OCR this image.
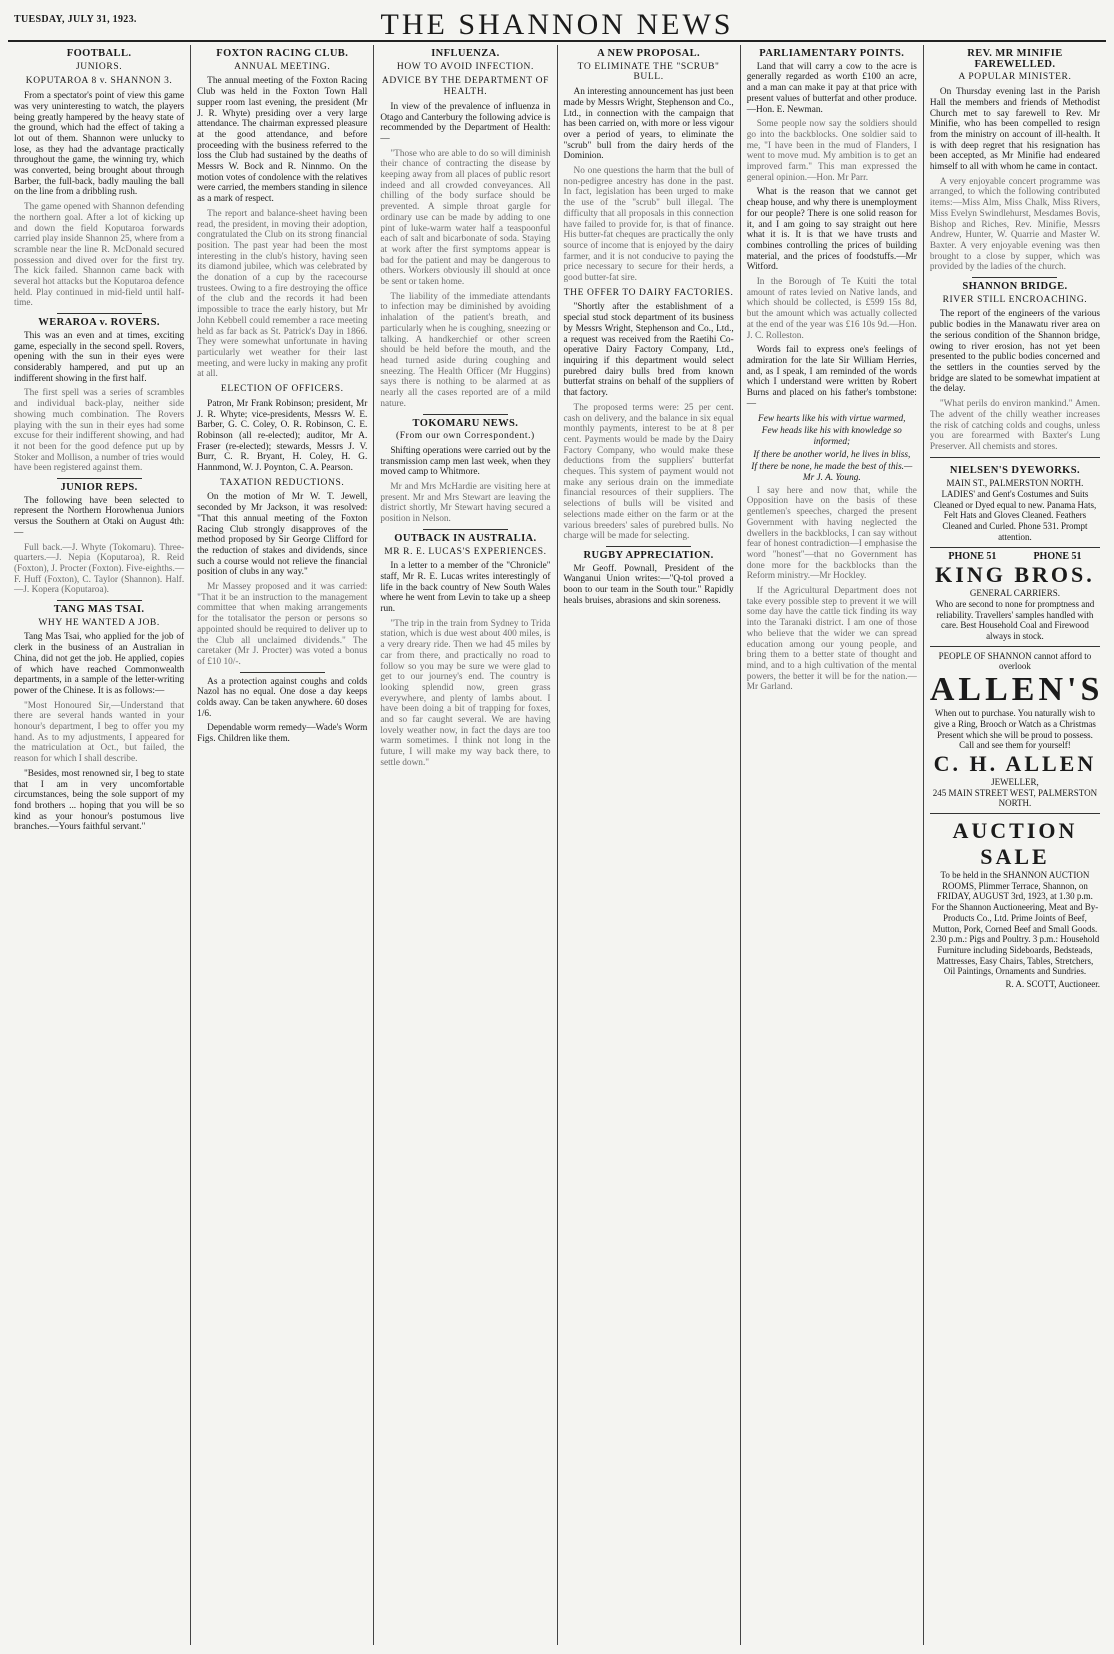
TUESDAY, JULY 31, 1923.	THE SHANNON NEWS
FOOTBALL.
JUNIORS.
KOPUTAROA 8 v. SHANNON 3.

From a spectator's point of view this game was very uninteresting to watch, the players being greatly hampered by the heavy state of the ground, which had the effect of taking a lot out of them. Shannon were unlucky to lose, as they had the advantage practically throughout the game, the winning try, which was converted, being brought about through Barber, the full-back, badly mauling the ball on the line from a dribbling rush.

The game opened with Shannon defending the northern goal. After a lot of kicking up and down the field Koputaroa forwards carried play inside Shannon 25, where from a scramble near the line R. McDonald secured possession and dived over for the first try. The kick failed. Shannon came back with several hot attacks but the Koputaroa defence held. Play continued in mid-field until half-time.

WERAROA v. ROVERS.

This was an even and at times, exciting game, especially in the second spell. Rovers, opening with the sun in their eyes were considerably hampered, and put up an indifferent showing in the first half.

The first spell was a series of scrambles and individual back-play, neither side showing much combination. The Rovers playing with the sun in their eyes had some excuse for their indifferent showing, and had it not been for the good defence put up by Stoker and Mollison, a number of tries would have been registered against them.

JUNIOR REPS.

The following have been selected to represent the Northern Horowhenua Juniors versus the Southern at Otaki on August 4th:—

Full back.—J. Whyte (Tokomaru). Three-quarters.—J. Nepia (Koputaroa), R. Reid (Foxton), J. Procter (Foxton). Five-eighths.—F. Huff (Foxton), C. Taylor (Shannon). Half.—J. Kopera (Koputaroa).

TANG MAS TSAI.
WHY HE WANTED A JOB.

Tang Mas Tsai, who applied for the job of clerk in the business of an Australian in China, did not get the job. He applied, copies of which have reached Commonwealth departments, in a sample of the letter-writing power of the Chinese. It is as follows:—

"Most Honoured Sir,—Understand that there are several hands wanted in your honour's department, I beg to offer you my hand. As to my adjustments, I appeared for the matriculation at Oct., but failed, the reason for which I shall describe.

"Besides, most renowned sir, I beg to state that I am in very uncomfortable circumstances, being the sole support of my fond brothers ... hoping that you will be so kind as your honour's postumous live branches.—Yours faithful servant."

FOXTON RACING CLUB.
ANNUAL MEETING.

The annual meeting of the Foxton Racing Club was held in the Foxton Town Hall supper room last evening, the president (Mr J. R. Whyte) presiding over a very large attendance. The chairman expressed pleasure at the good attendance, and before proceeding with the business referred to the loss the Club had sustained by the deaths of Messrs W. Bock and R. Ninnmo. On the motion votes of condolence with the relatives were carried, the members standing in silence as a mark of respect.

The report and balance-sheet having been read, the president, in moving their adoption, congratulated the Club on its strong financial position. The past year had been the most interesting in the club's history, having seen its diamond jubilee, which was celebrated by the donation of a cup by the racecourse trustees. Owing to a fire destroying the office of the club and the records it had been impossible to trace the early history, but Mr John Kebbell could remember a race meeting held as far back as St. Patrick's Day in 1866. They were somewhat unfortunate in having particularly wet weather for their last meeting, and were lucky in making any profit at all.

ELECTION OF OFFICERS.

Patron, Mr Frank Robinson; president, Mr J. R. Whyte; vice-presidents, Messrs W. E. Barber, G. C. Coley, O. R. Robinson, C. E. Robinson (all re-elected); auditor, Mr A. Fraser (re-elected); stewards, Messrs J. V. Burr, C. R. Bryant, H. Coley, H. G. Hannmond, W. J. Poynton, C. A. Pearson.

TAXATION REDUCTIONS.

On the motion of Mr W. T. Jewell, seconded by Mr Jackson, it was resolved: "That this annual meeting of the Foxton Racing Club strongly disapproves of the method proposed by Sir George Clifford for the reduction of stakes and dividends, since such a course would not relieve the financial position of clubs in any way."

Mr Massey proposed and it was carried: "That it be an instruction to the management committee that when making arrangements for the totalisator the person or persons so appointed should be required to deliver up to the Club all unclaimed dividends." The caretaker (Mr J. Procter) was voted a bonus of £10 10/-.

As a protection against coughs and colds Nazol has no equal. One dose a day keeps colds away. Can be taken anywhere. 60 doses 1/6.

Dependable worm remedy—Wade's Worm Figs. Children like them.

INFLUENZA.
HOW TO AVOID INFECTION.
ADVICE BY THE DEPARTMENT OF HEALTH.

In view of the prevalence of influenza in Otago and Canterbury the following advice is recommended by the Department of Health:—

"Those who are able to do so will diminish their chance of contracting the disease by keeping away from all places of public resort indeed and all crowded conveyances. All chilling of the body surface should be prevented. A simple throat gargle for ordinary use can be made by adding to one pint of luke-warm water half a teaspoonful each of salt and bicarbonate of soda. Staying at work after the first symptoms appear is bad for the patient and may be dangerous to others. Workers obviously ill should at once be sent or taken home.

The liability of the immediate attendants to infection may be diminished by avoiding inhalation of the patient's breath, and particularly when he is coughing, sneezing or talking. A handkerchief or other screen should be held before the mouth, and the head turned aside during coughing and sneezing. The Health Officer (Mr Huggins) says there is nothing to be alarmed at as nearly all the cases reported are of a mild nature.

TOKOMARU NEWS.
(From our own Correspondent.)

Shifting operations were carried out by the transmission camp men last week, when they moved camp to Whitmore.

Mr and Mrs McHardie are visiting here at present. Mr and Mrs Stewart are leaving the district shortly, Mr Stewart having secured a position in Nelson.

OUTBACK IN AUSTRALIA.
MR R. E. LUCAS'S EXPERIENCES.

In a letter to a member of the "Chronicle" staff, Mr R. E. Lucas writes interestingly of life in the back country of New South Wales where he went from Levin to take up a sheep run.

"The trip in the train from Sydney to Trida station, which is due west about 400 miles, is a very dreary ride. Then we had 45 miles by car from there, and practically no road to follow so you may be sure we were glad to get to our journey's end. The country is looking splendid now, green grass everywhere, and plenty of lambs about. I have been doing a bit of trapping for foxes, and so far caught several. We are having lovely weather now, in fact the days are too warm sometimes. I think not long in the future, I will make my way back there, to settle down."

A NEW PROPOSAL.
TO ELIMINATE THE "SCRUB" BULL.

An interesting announcement has just been made by Messrs Wright, Stephenson and Co., Ltd., in connection with the campaign that has been carried on, with more or less vigour over a period of years, to eliminate the "scrub" bull from the dairy herds of the Dominion.

No one questions the harm that the bull of non-pedigree ancestry has done in the past. In fact, legislation has been urged to make the use of the "scrub" bull illegal. The difficulty that all proposals in this connection have failed to provide for, is that of finance. His butter-fat cheques are practically the only source of income that is enjoyed by the dairy farmer, and it is not conducive to paying the price necessary to secure for their herds, a good butter-fat sire.

THE OFFER TO DAIRY FACTORIES.

"Shortly after the establishment of a special stud stock department of its business by Messrs Wright, Stephenson and Co., Ltd., a request was received from the Raetihi Co-operative Dairy Factory Company, Ltd., inquiring if this department would select purebred dairy bulls bred from known butterfat strains on behalf of the suppliers of that factory.

The proposed terms were: 25 per cent. cash on delivery, and the balance in six equal monthly payments, interest to be at 8 per cent. Payments would be made by the Dairy Factory Company, who would make these deductions from the suppliers' butterfat cheques. This system of payment would not make any serious drain on the immediate financial resources of their suppliers. The selections of bulls will be visited and selections made either on the farm or at the various breeders' sales of purebred bulls. No charge will be made for selecting.

RUGBY APPRECIATION.

Mr Geoff. Pownall, President of the Wanganui Union writes:—"Q-tol proved a boon to our team in the South tour." Rapidly heals bruises, abrasions and skin soreness.

PARLIAMENTARY POINTS.

Land that will carry a cow to the acre is generally regarded as worth £100 an acre, and a man can make it pay at that price with present values of butterfat and other produce.—Hon. E. Newman.

Some people now say the soldiers should go into the backblocks. One soldier said to me, "I have been in the mud of Flanders, I went to move mud. My ambition is to get an improved farm." This man expressed the general opinion.—Hon. Mr Parr.

What is the reason that we cannot get cheap house, and why there is unemployment for our people? There is one solid reason for it, and I am going to say straight out here what it is. It is that we have trusts and combines controlling the prices of building material, and the prices of foodstuffs.—Mr Witford.

In the Borough of Te Kuiti the total amount of rates levied on Native lands, and which should be collected, is £599 15s 8d, but the amount which was actually collected at the end of the year was £16 10s 9d.—Hon. J. C. Rolleston.

Words fail to express one's feelings of admiration for the late Sir William Herries, and, as I speak, I am reminded of the words which I understand were written by Robert Burns and placed on his father's tombstone:—

Few hearts like his with virtue warmed,
Few heads like his with knowledge so informed;
If there be another world, he lives in bliss,
If there be none, he made the best of this.—Mr J. A. Young.

I say here and now that, while the Opposition have on the basis of these gentlemen's speeches, charged the present Government with having neglected the dwellers in the backblocks, I can say without fear of honest contradiction—I emphasise the word "honest"—that no Government has done more for the backblocks than the Reform ministry.—Mr Hockley.

If the Agricultural Department does not take every possible step to prevent it we will some day have the cattle tick finding its way into the Taranaki district. I am one of those who believe that the wider we can spread education among our young people, and bring them to a better state of thought and mind, and to a high cultivation of the mental powers, the better it will be for the nation.—Mr Garland.

REV. MR MINIFIE FAREWELLED.
A POPULAR MINISTER.

On Thursday evening last in the Parish Hall the members and friends of Methodist Church met to say farewell to Rev. Mr Minifie, who has been compelled to resign from the ministry on account of ill-health. It is with deep regret that his resignation has been accepted, as Mr Minifie had endeared himself to all with whom he came in contact.

A very enjoyable concert programme was arranged, to which the following contributed items:—Miss Alm, Miss Chalk, Miss Rivers, Miss Evelyn Swindlehurst, Mesdames Bovis, Bishop and Riches, Rev. Minifie, Messrs Andrew, Hunter, W. Quarrie and Master W. Baxter. A very enjoyable evening was then brought to a close by supper, which was provided by the ladies of the church.

SHANNON BRIDGE.
RIVER STILL ENCROACHING.

The report of the engineers of the various public bodies in the Manawatu river area on the serious condition of the Shannon bridge, owing to river erosion, has not yet been presented to the public bodies concerned and the settlers in the counties served by the bridge are slated to be somewhat impatient at the delay.

"What perils do environ mankind." Amen. The advent of the chilly weather increases the risk of catching colds and coughs, unless you are forearmed with Baxter's Lung Preserver. All chemists and stores.

NIELSEN'S DYEWORKS.
MAIN ST., PALMERSTON NORTH. LADIES' and Gent's Costumes and Suits Cleaned or Dyed equal to new. Panama Hats, Felt Hats and Gloves Cleaned. Feathers Cleaned and Curled. Phone 531. Prompt attention.
PHONE 51	PHONE 51
KING BROS.
GENERAL CARRIERS.
Who are second to none for promptness and reliability. Travellers' samples handled with care. Best Household Coal and Firewood always in stock.
PEOPLE OF SHANNON cannot afford to overlook
ALLEN'S
When out to purchase. You naturally wish to give a Ring, Brooch or Watch as a Christmas Present which she will be proud to possess. Call and see them for yourself!
C. H. ALLEN
JEWELLER,
245 MAIN STREET WEST, PALMERSTON NORTH.
AUCTION SALE
To be held in the SHANNON AUCTION ROOMS, Plimmer Terrace, Shannon, on FRIDAY, AUGUST 3rd, 1923, at 1.30 p.m. For the Shannon Auctioneering, Meat and By-Products Co., Ltd. Prime Joints of Beef, Mutton, Pork, Corned Beef and Small Goods. 2.30 p.m.: Pigs and Poultry. 3 p.m.: Household Furniture including Sideboards, Bedsteads, Mattresses, Easy Chairs, Tables, Stretchers, Oil Paintings, Ornaments and Sundries.
R. A. SCOTT, Auctioneer.
